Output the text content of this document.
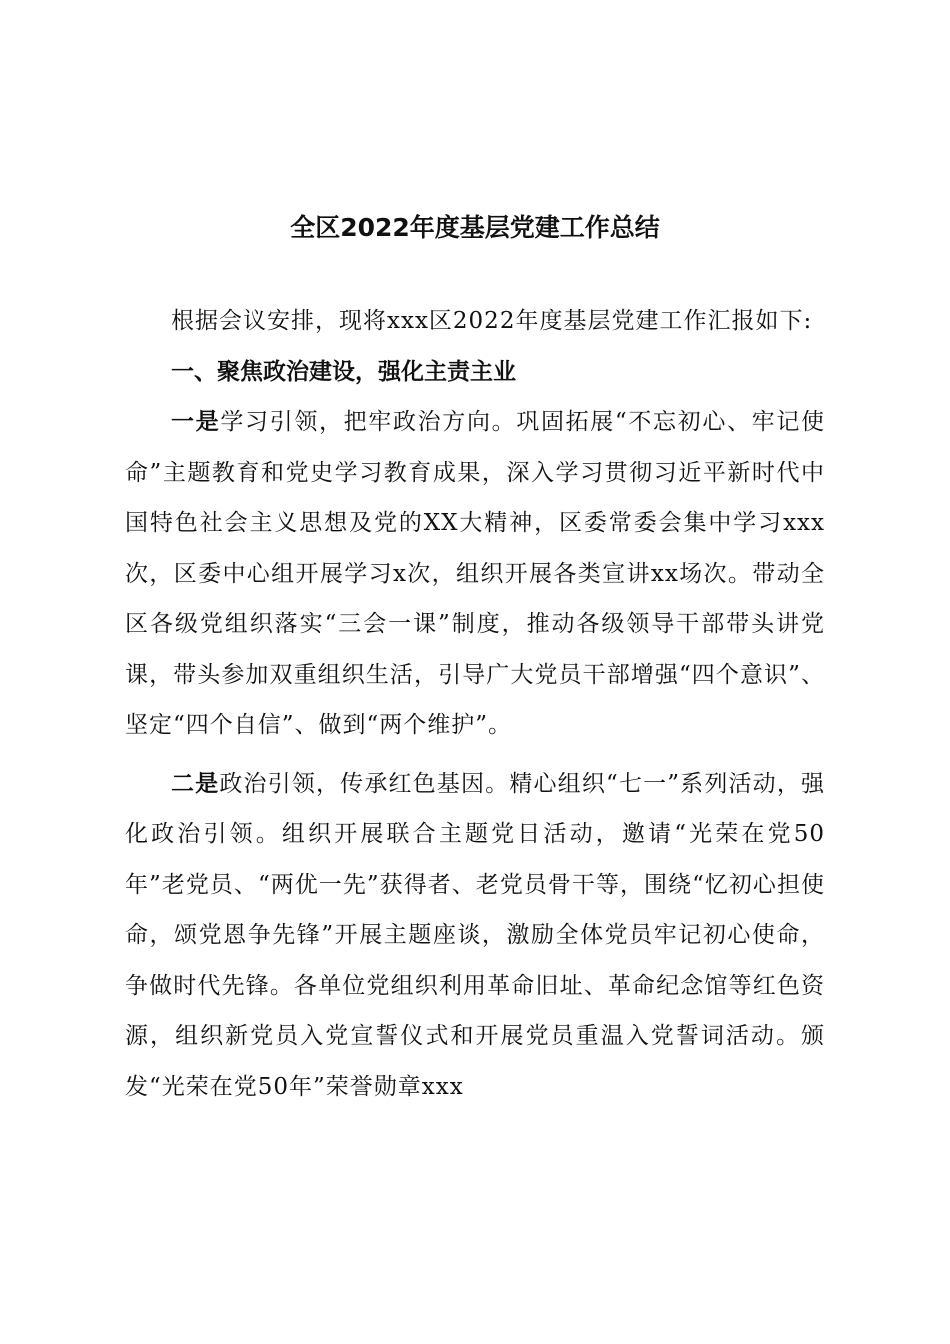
全区2022年度基层党建工作总结

根据会议安排，现将xxx区2022年度基层党建工作汇报如下:

一、聚焦政治建设，强化主责主业

一是学习引领，把牢政治方向。巩固拓展“不忘初心、牢记使命”主题教育和党史学习教育成果，深入学习贯彻习近平新时代中国特色社会主义思想及党的XX大精神，区委常委会集中学习xxx次，区委中心组开展学习x次，组织开展各类宣讲xx场次。带动全区各级党组织落实“三会一课”制度，推动各级领导干部带头讲党课，带头参加双重组织生活，引导广大党员干部增强“四个意识”、坚定“四个自信”、做到“两个维护”。

二是政治引领，传承红色基因。精心组织“七一”系列活动，强化政治引领。组织开展联合主题党日活动，邀请“光荣在党50年”老党员、“两优一先”获得者、老党员骨干等，围绕“忆初心担使命，颂党恩争先锋”开展主题座谈，激励全体党员牢记初心使命，争做时代先锋。各单位党组织利用革命旧址、革命纪念馆等红色资源，组织新党员入党宣誓仪式和开展党员重温入党誓词活动。颁发“光荣在党50年”荣誉勋章xxx
